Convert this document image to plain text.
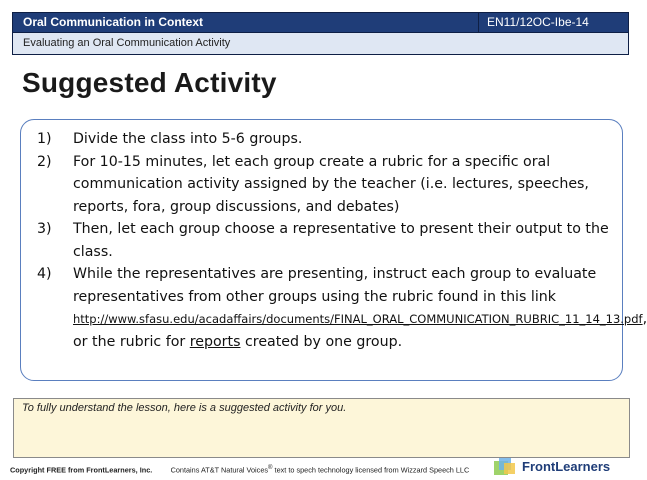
Oral Communication in Context	EN11/12OC-Ibe-14
Evaluating an Oral Communication Activity
Suggested Activity
1)	Divide the class into 5-6 groups.
2)	For 10-15 minutes, let each group create a rubric for a specific oral communication activity assigned by the teacher (i.e. lectures, speeches, reports, fora, group discussions, and debates)
3)	Then, let each group choose a representative to present their output to the class.
4)	While the representatives are presenting, instruct each group to evaluate representatives from other groups using the rubric found in this link
http://www.sfasu.edu/acadaffairs/documents/FINAL_ORAL_COMMUNICATION_RUBRIC_11_14_13.pdf, or the rubric for reports created by one group.
To fully understand the lesson, here is a suggested activity for you.
Copyright FREE from FrontLearners, Inc.	Contains AT&T Natural Voices® text to spech technology licensed from Wizzard Speech LLC	FrontLearners
